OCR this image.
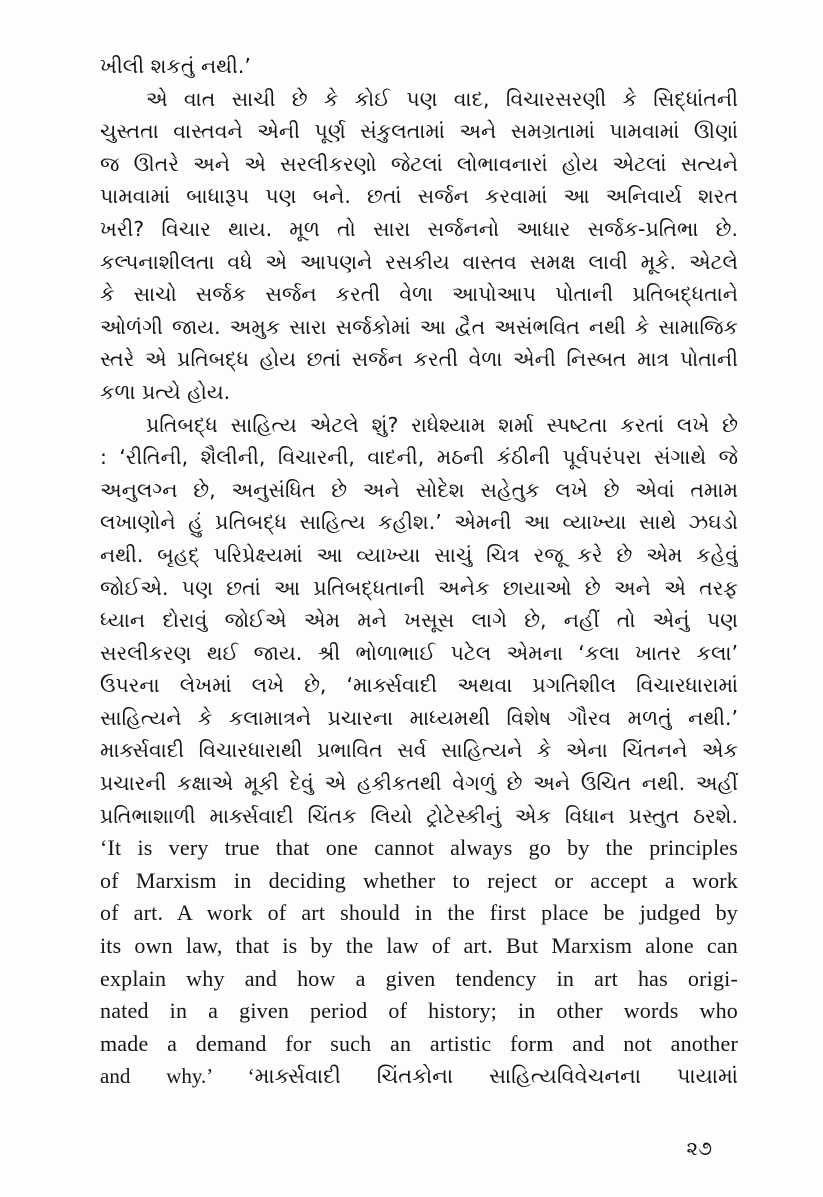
ખીલી શકતું નથી.’
એ વાત સાચી છે કે કોઈ પણ વાદ, વિચારસરણી કે સિદ્ધાંતની
ચુસ્તતા વાસ્તવને એની પૂર્ણ સંકુલતામાં અને સમગ્રતામાં પામવામાં ઊણાં
જ ઊતરે અને એ સરલીકરણો જેટલાં લોભાવનારાં હોય એટલાં સત્યને
પામવામાં બાધારૂપ પણ બને. છતાં સર્જન કરવામાં આ અનિવાર્ય શરત
ખરી? વિચાર થાય. મૂળ તો સારા સર્જનનો આધાર સર્જક-પ્રતિભા છે.
કલ્પનાશીલતા વધે એ આપણને રસકીય વાસ્તવ સમક્ષ લાવી મૂકે. એટલે
કે સાચો સર્જક સર્જન કરતી વેળા આપોઆપ પોતાની પ્રતિબદ્ધતાને
ઓળંગી જાય. અમુક સારા સર્જકોમાં આ દ્વૈત અસંભવિત નથી કે સામાજિક
સ્તરે એ પ્રતિબદ્ધ હોય છતાં સર્જન કરતી વેળા એની નિસ્બત માત્ર પોતાની
કળા પ્રત્યે હોય.
પ્રતિબદ્ધ સાહિત્ય એટલે શું? રાધેશ્યામ શર્મા સ્પષ્ટતા કરતાં લખે છે
: ‘રીતિની, શૈલીની, વિચારની, વાદની, મઠની કંઠીની પૂર્વપરંપરા સંગાથે જે
અનુલગ્ન છે, અનુસંધિત છે અને સોદેશ સહેતુક લખે છે એવાં તમામ
લખાણોને હું પ્રતિબદ્ધ સાહિત્ય કહીશ.’ એમની આ વ્યાખ્યા સાથે ઝઘડો
નથી. બૃહદ્ પરિપ્રેક્ષ્યમાં આ વ્યાખ્યા સાચું ચિત્ર રજૂ કરે છે એમ કહેવું
જોઈએ. પણ છતાં આ પ્રતિબદ્ધતાની અનેક છાયાઓ છે અને એ તરફ
ધ્યાન દોરાવું જોઈએ એમ મને ખસૂસ લાગે છે, નહીં તો એનું પણ
સરલીકરણ થઈ જાય. શ્રી ભોળાભાઈ પટેલ એમના ‘કલા ખાતર કલા’
ઉપરના લેખમાં લખે છે, ‘માર્ક્સવાદી અથવા પ્રગતિશીલ વિચારધારામાં
સાહિત્યને કે કલામાત્રને પ્રચારના માધ્યમથી વિશેષ ગૌરવ મળતું નથી.’
માર્ક્સવાદી વિચારધારાથી પ્રભાવિત સર્વ સાહિત્યને કે એના ચિંતનને એક
પ્રચારની કક્ષાએ મૂકી દેવું એ હકીકતથી વેગળું છે અને ઉચિત નથી. અહીં
પ્રતિભાશાળી માર્ક્સવાદી ચિંતક લિયો ટ્રોટેસ્કીનું એક વિધાન પ્રસ્તુત ઠરશે.
‘It is very true that one cannot always go by the principles
of Marxism in deciding whether to reject or accept a work
of art. A work of art should in the first place be judged by
its own law, that is by the law of art. But Marxism alone can
explain why and how a given tendency in art has origi-
nated in a given period of history; in other words who
made a demand for such an artistic form and not another
and why.’ ‘માર્ક્સવાદી ચિંતકોના સાહિત્યવિવેચનના પાયામાં
૨૭
